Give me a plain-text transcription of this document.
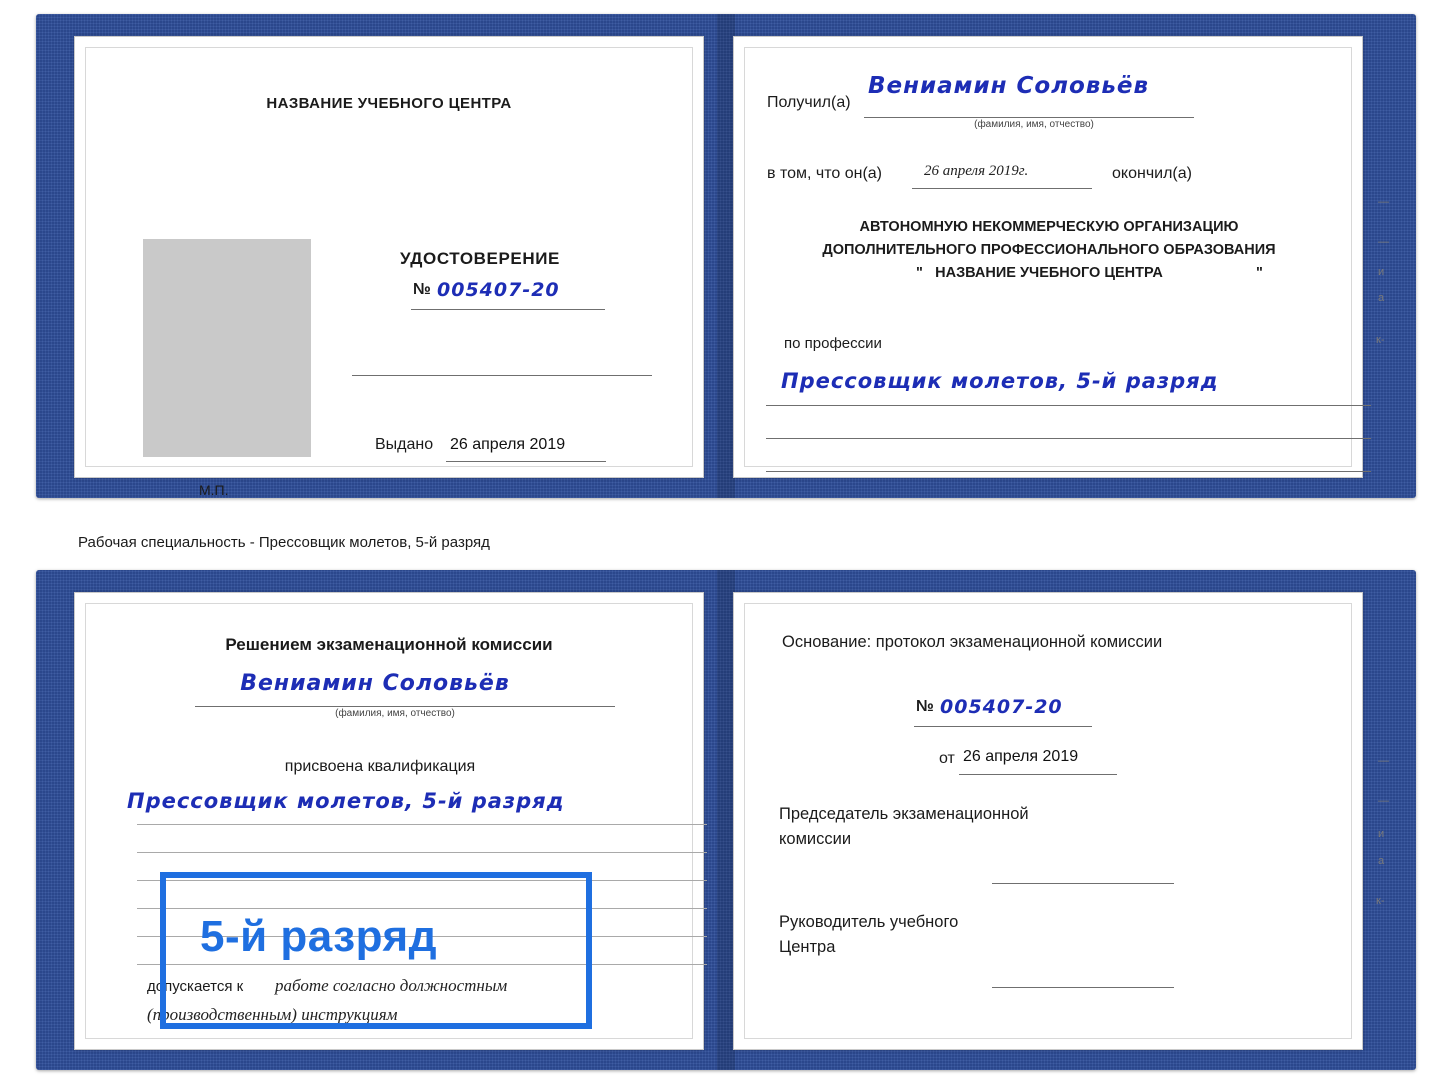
НАЗВАНИЕ УЧЕБНОГО ЦЕНТРА
УДОСТОВЕРЕНИЕ
№ 005407-20
Выдано 26 апреля 2019
М.П.
Получил(а)
Вениамин Соловьёв
(фамилия, имя, отчество)
в том, что он(а)	26 апреля 2019г.	окончил(а)
АВТОНОМНУЮ НЕКОММЕРЧЕСКУЮ ОРГАНИЗАЦИЮ
ДОПОЛНИТЕЛЬНОГО ПРОФЕССИОНАЛЬНОГО ОБРАЗОВАНИЯ
" НАЗВАНИЕ УЧЕБНОГО ЦЕНТРА	"
по профессии
Прессовщик молетов, 5-й разряд
—
—
и
а
к-
Рабочая специальность - Прессовщик молетов, 5-й разряд
Решением экзаменационной комиссии
Вениамин Соловьёв
(фамилия, имя, отчество)
присвоена квалификация
Прессовщик молетов, 5-й разряд
допускается к работе согласно должностным
(производственным) инструкциям
Основание: протокол экзаменационной комиссии
№ 005407-20
от 26 апреля 2019
Председатель экзаменационной
комиссии
Руководитель учебного
Центра
—
—
и
а
к-
5-й разряд
